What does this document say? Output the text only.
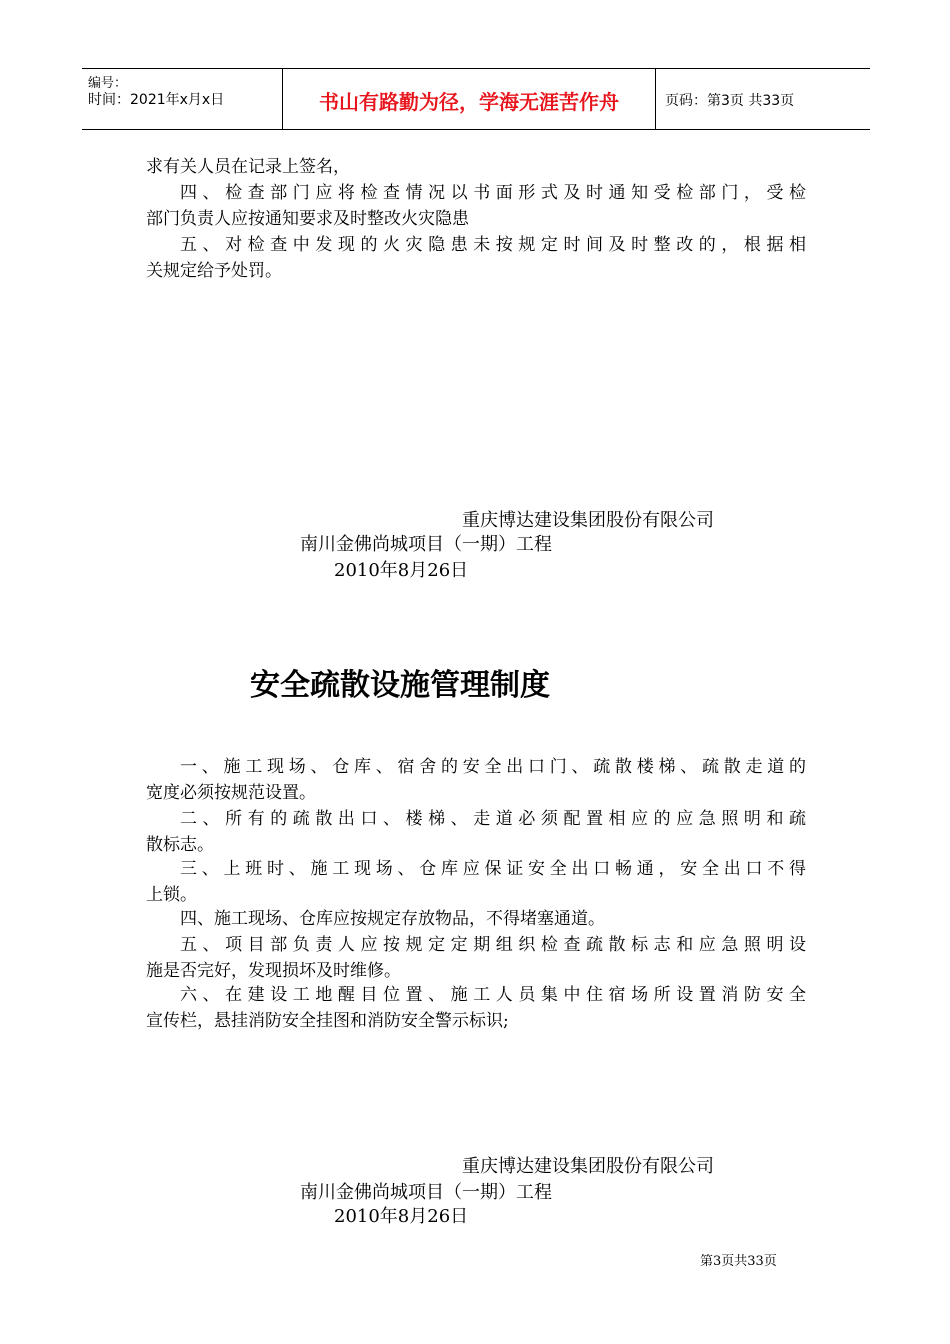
编号：
时间：2021年x月x日	书山有路勤为径，学海无涯苦作舟	页码：第3页 共33页
求有关人员在记录上签名，
四、检查部门应将检查情况以书面形式及时通知受检部门，受检
部门负责人应按通知要求及时整改火灾隐患
五、对检查中发现的火灾隐患未按规定时间及时整改的，根据相
关规定给予处罚。
重庆博达建设集团股份有限公司
南川金佛尚城项目（一期）工程
2010年8月26日
安全疏散设施管理制度
一、施工现场、仓库、宿舍的安全出口门、疏散楼梯、疏散走道的
宽度必须按规范设置。
二、所有的疏散出口、楼梯、走道必须配置相应的应急照明和疏
散标志。
三、上班时、施工现场、仓库应保证安全出口畅通，安全出口不得
上锁。
四、施工现场、仓库应按规定存放物品，不得堵塞通道。
五、项目部负责人应按规定定期组织检查疏散标志和应急照明设
施是否完好，发现损坏及时维修。
六、在建设工地醒目位置、施工人员集中住宿场所设置消防安全
宣传栏，悬挂消防安全挂图和消防安全警示标识;
重庆博达建设集团股份有限公司
南川金佛尚城项目（一期）工程
2010年8月26日
第3页共33页
